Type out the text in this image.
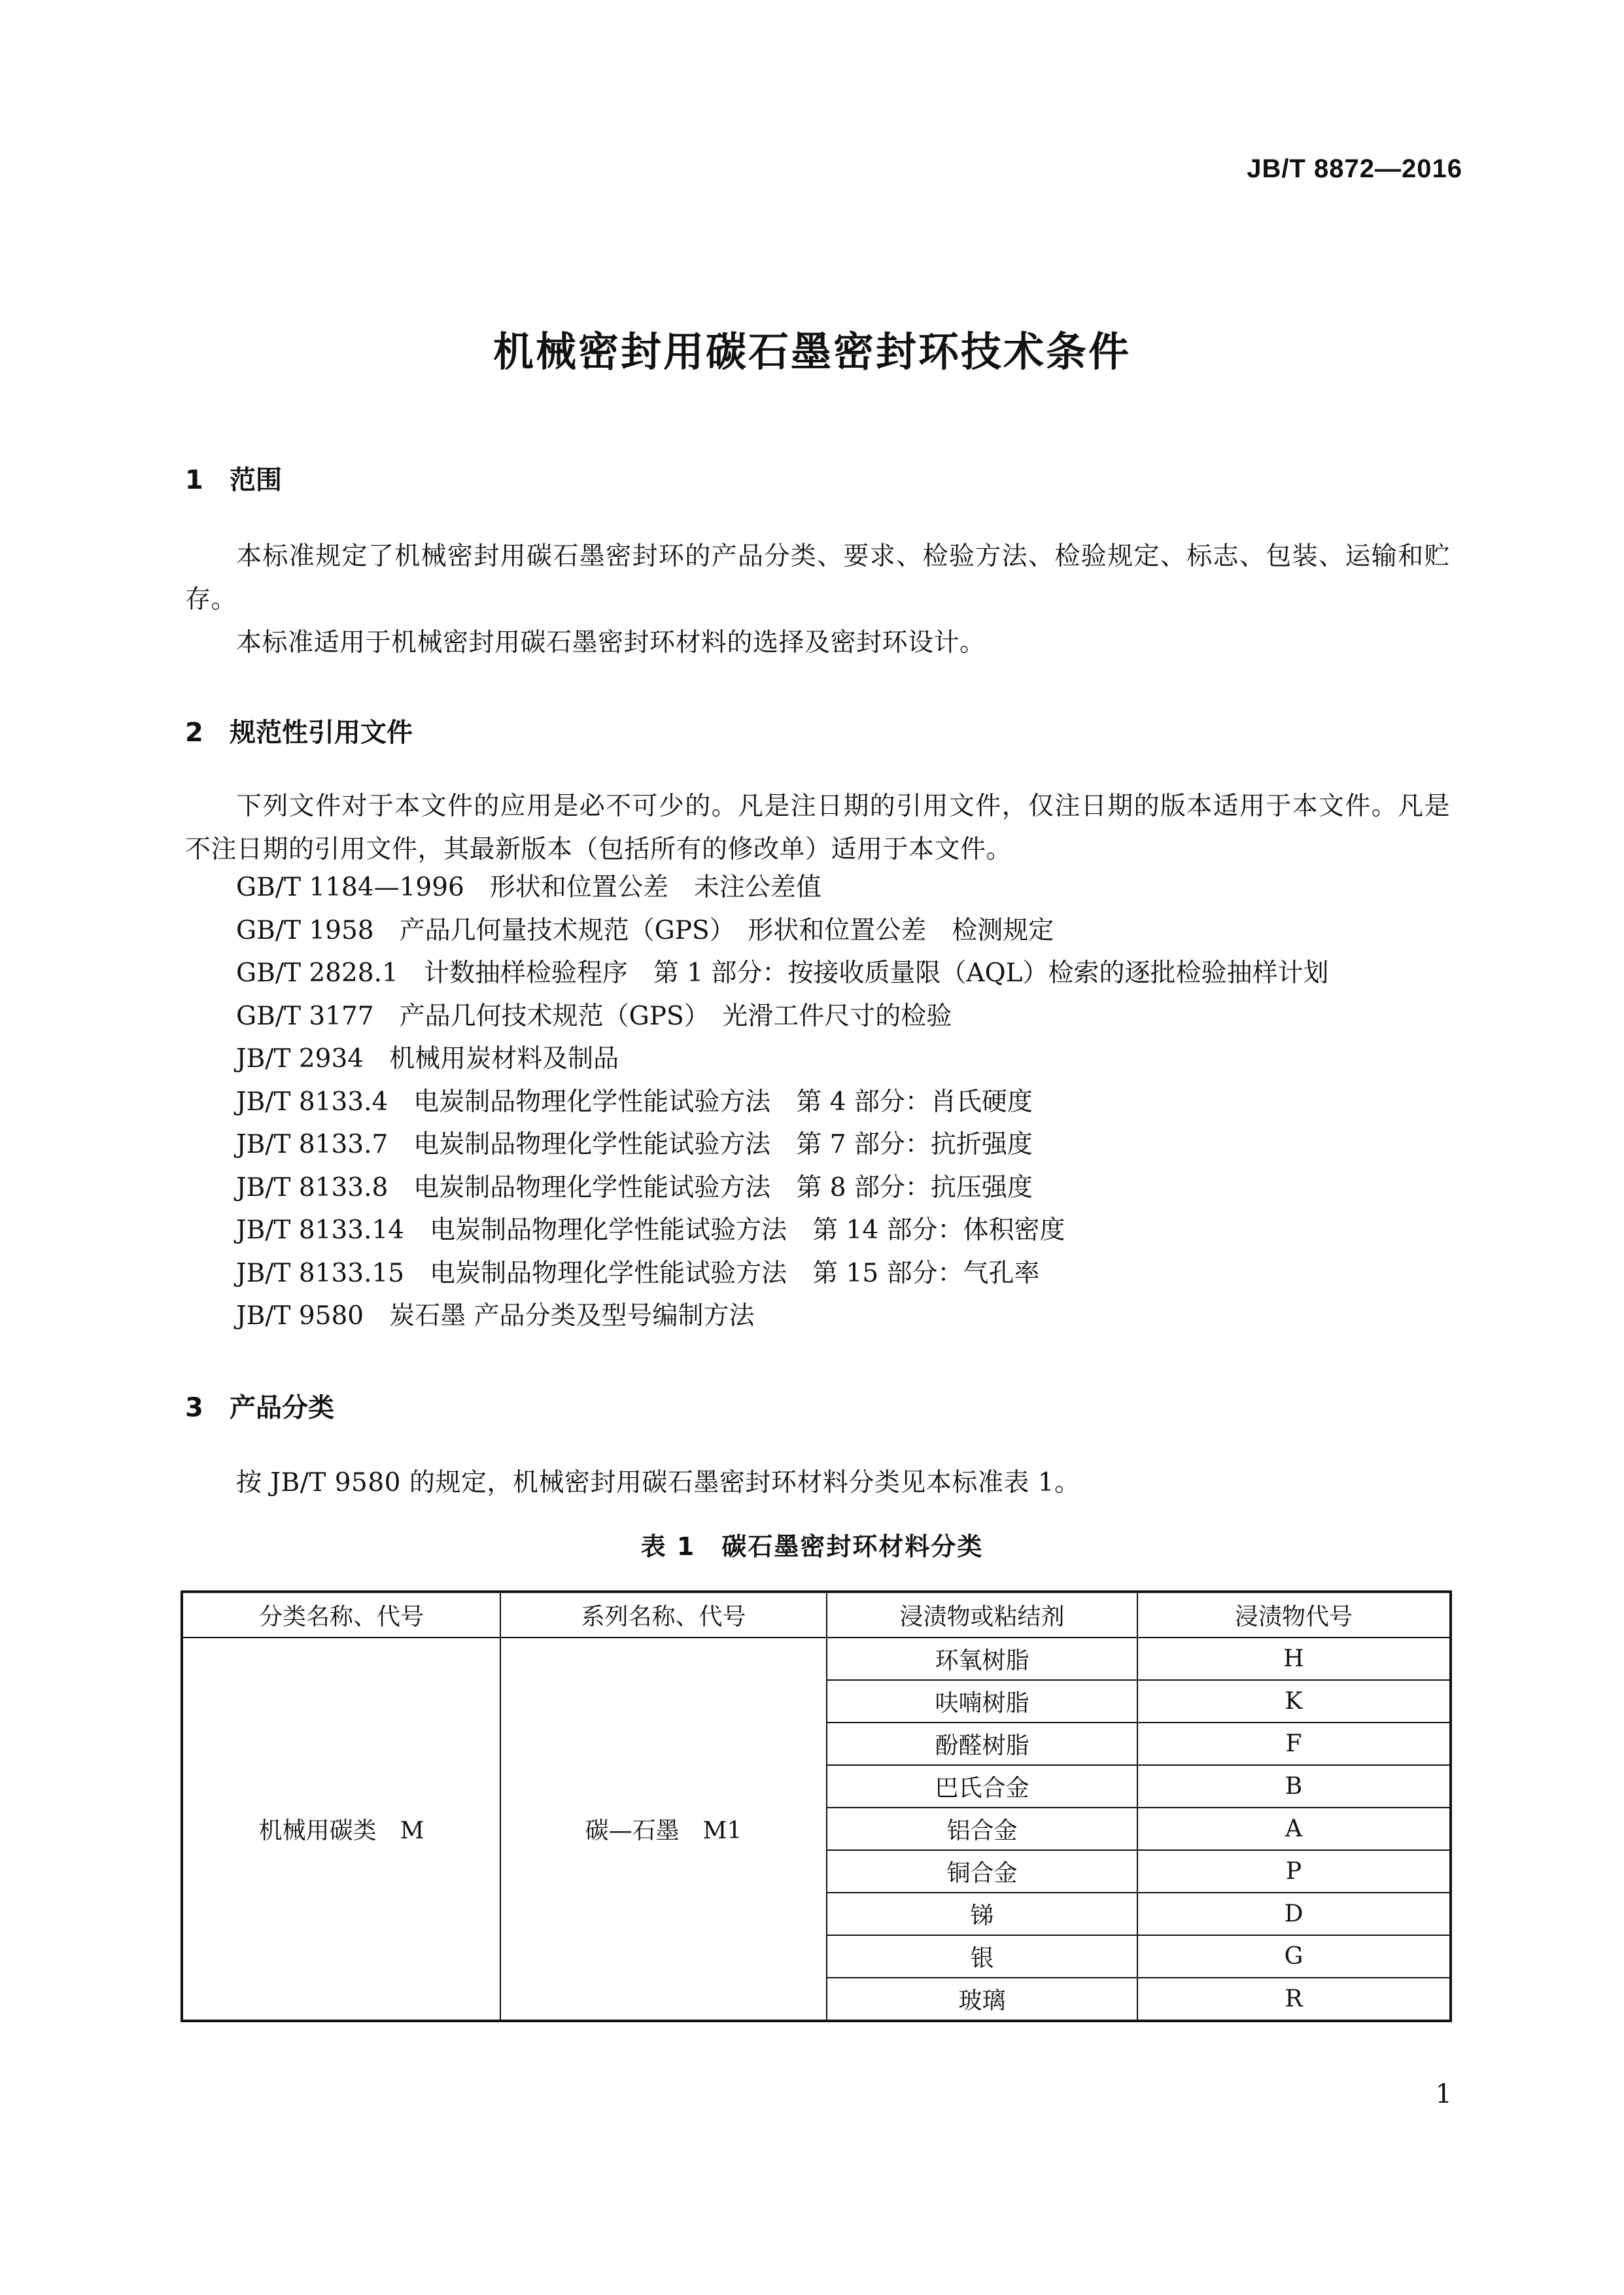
JB/T 8872—2016
机械密封用碳石墨密封环技术条件
1 范围

本标准规定了机械密封用碳石墨密封环的产品分类、要求、检验方法、检验规定、标志、包装、运输和贮存。

本标准适用于机械密封用碳石墨密封环材料的选择及密封环设计。

2 规范性引用文件

下列文件对于本文件的应用是必不可少的。凡是注日期的引用文件，仅注日期的版本适用于本文件。凡是不注日期的引用文件，其最新版本（包括所有的修改单）适用于本文件。

GB/T 1184—1996　形状和位置公差　未注公差值
GB/T 1958　产品几何量技术规范（GPS）　形状和位置公差　检测规定
GB/T 2828.1　计数抽样检验程序　第 1 部分：按接收质量限（AQL）检索的逐批检验抽样计划
GB/T 3177　产品几何技术规范（GPS）　光滑工件尺寸的检验
JB/T 2934　机械用炭材料及制品
JB/T 8133.4　电炭制品物理化学性能试验方法　第 4 部分：肖氏硬度
JB/T 8133.7　电炭制品物理化学性能试验方法　第 7 部分：抗折强度
JB/T 8133.8　电炭制品物理化学性能试验方法　第 8 部分：抗压强度
JB/T 8133.14　电炭制品物理化学性能试验方法　第 14 部分：体积密度
JB/T 8133.15　电炭制品物理化学性能试验方法　第 15 部分：气孔率
JB/T 9580　炭石墨 产品分类及型号编制方法
3 产品分类

按 JB/T 9580 的规定，机械密封用碳石墨密封环材料分类见本标准表 1。

表 1　碳石墨密封环材料分类
分类名称、代号	系列名称、代号	浸渍物或粘结剂	浸渍物代号
机械用碳类　M	碳—石墨　M1	环氧树脂	H
		呋喃树脂	K
		酚醛树脂	F
		巴氏合金	B
		铝合金	A
		铜合金	P
		锑	D
		银	G
		玻璃	R
1
